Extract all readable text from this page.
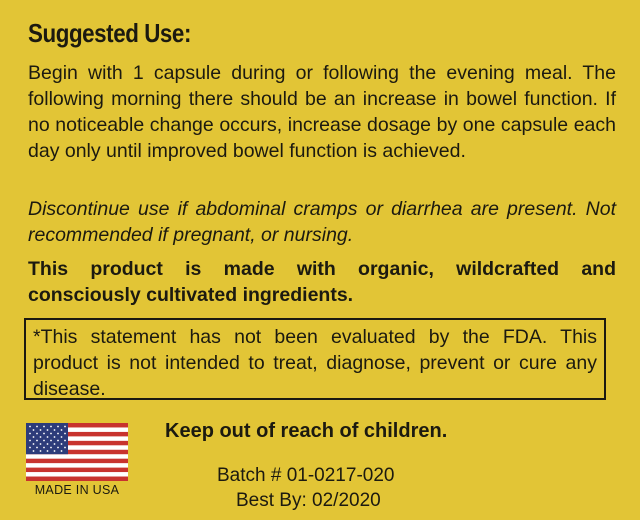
Suggested Use:
Begin with 1 capsule during or following the evening meal. The following morning there should be an increase in bowel function. If no noticeable change occurs, increase dosage by one capsule each day only until improved bowel function is achieved.
Discontinue use if abdominal cramps or diarrhea are present. Not recommended if pregnant, or nursing.
This product is made with organic, wildcrafted and consciously cultivated ingredients.
*This statement has not been evaluated by the FDA. This product is not intended to treat, diagnose, prevent or cure any disease.
MADE IN USA
Keep out of reach of children.
Batch # 01-0217-020
Best By: 02/2020
